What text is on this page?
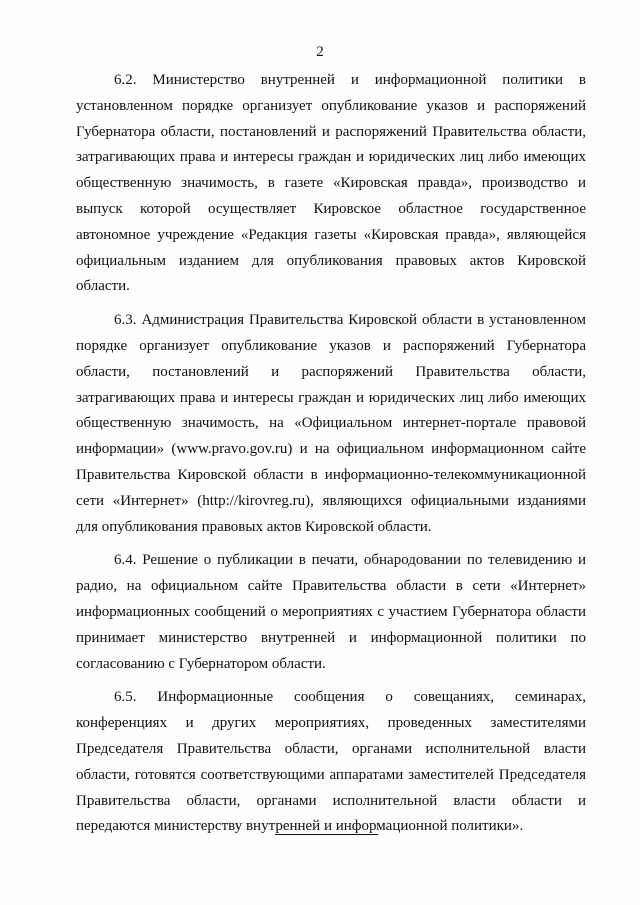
2

6.2. Министерство внутренней и информационной политики в установленном порядке организует опубликование указов и распоряжений Губернатора области, постановлений и распоряжений Правительства области, затрагивающих права и интересы граждан и юридических лиц либо имеющих общественную значимость, в газете «Кировская правда», производство и выпуск которой осуществляет Кировское областное государственное автономное учреждение «Редакция газеты «Кировская правда», являющейся официальным изданием для опубликования правовых актов Кировской области.

6.3. Администрация Правительства Кировской области в установленном порядке организует опубликование указов и распоряжений Губернатора области, постановлений и распоряжений Правительства области, затрагивающих права и интересы граждан и юридических лиц либо имеющих общественную значимость, на «Официальном интернет-портале правовой информации» (www.pravo.gov.ru) и на официальном информационном сайте Правительства Кировской области в информационно-телекоммуникационной сети «Интернет» (http://kirovreg.ru), являющихся официальными изданиями для опубликования правовых актов Кировской области.

6.4. Решение о публикации в печати, обнародовании по телевидению и радио, на официальном сайте Правительства области в сети «Интернет» информационных сообщений о мероприятиях с участием Губернатора области принимает министерство внутренней и информационной политики по согласованию с Губернатором области.

6.5. Информационные сообщения о совещаниях, семинарах, конференциях и других мероприятиях, проведенных заместителями Председателя Правительства области, органами исполнительной власти области, готовятся соответствующими аппаратами заместителей Председателя Правительства области, органами исполнительной власти области и передаются министерству внутренней и информационной политики».
